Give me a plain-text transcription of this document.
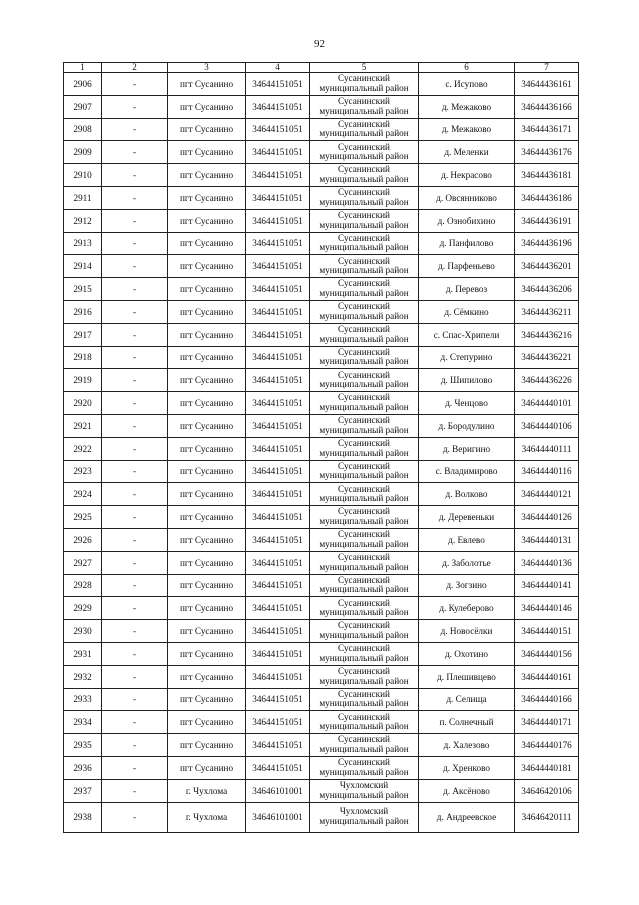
92
1	2	3	4	5	6	7
2906	-	пгт Сусанино	34644151051	Сусанинский
муниципальный район	с. Исупово	34644436161
2907	-	пгт Сусанино	34644151051	Сусанинский
муниципальный район	д. Межаково	34644436166
2908	-	пгт Сусанино	34644151051	Сусанинский
муниципальный район	д. Межаково	34644436171
2909	-	пгт Сусанино	34644151051	Сусанинский
муниципальный район	д. Меленки	34644436176
2910	-	пгт Сусанино	34644151051	Сусанинский
муниципальный район	д. Некрасово	34644436181
2911	-	пгт Сусанино	34644151051	Сусанинский
муниципальный район	д. Овсянниково	34644436186
2912	-	пгт Сусанино	34644151051	Сусанинский
муниципальный район	д. Ознобихино	34644436191
2913	-	пгт Сусанино	34644151051	Сусанинский
муниципальный район	д. Панфилово	34644436196
2914	-	пгт Сусанино	34644151051	Сусанинский
муниципальный район	д. Парфеньево	34644436201
2915	-	пгт Сусанино	34644151051	Сусанинский
муниципальный район	д. Перевоз	34644436206
2916	-	пгт Сусанино	34644151051	Сусанинский
муниципальный район	д. Сёмкино	34644436211
2917	-	пгт Сусанино	34644151051	Сусанинский
муниципальный район	с. Спас-Хрипели	34644436216
2918	-	пгт Сусанино	34644151051	Сусанинский
муниципальный район	д. Степурино	34644436221
2919	-	пгт Сусанино	34644151051	Сусанинский
муниципальный район	д. Шипилово	34644436226
2920	-	пгт Сусанино	34644151051	Сусанинский
муниципальный район	д. Ченцово	34644440101
2921	-	пгт Сусанино	34644151051	Сусанинский
муниципальный район	д. Бородулино	34644440106
2922	-	пгт Сусанино	34644151051	Сусанинский
муниципальный район	д. Веригино	34644440111
2923	-	пгт Сусанино	34644151051	Сусанинский
муниципальный район	с. Владимирово	34644440116
2924	-	пгт Сусанино	34644151051	Сусанинский
муниципальный район	д. Волково	34644440121
2925	-	пгт Сусанино	34644151051	Сусанинский
муниципальный район	д. Деревеньки	34644440126
2926	-	пгт Сусанино	34644151051	Сусанинский
муниципальный район	д. Евлево	34644440131
2927	-	пгт Сусанино	34644151051	Сусанинский
муниципальный район	д. Заболотье	34644440136
2928	-	пгт Сусанино	34644151051	Сусанинский
муниципальный район	д. Зогзино	34644440141
2929	-	пгт Сусанино	34644151051	Сусанинский
муниципальный район	д. Кулеберово	34644440146
2930	-	пгт Сусанино	34644151051	Сусанинский
муниципальный район	д. Новосёлки	34644440151
2931	-	пгт Сусанино	34644151051	Сусанинский
муниципальный район	д. Охотино	34644440156
2932	-	пгт Сусанино	34644151051	Сусанинский
муниципальный район	д. Плешивцево	34644440161
2933	-	пгт Сусанино	34644151051	Сусанинский
муниципальный район	д. Селища	34644440166
2934	-	пгт Сусанино	34644151051	Сусанинский
муниципальный район	п. Солнечный	34644440171
2935	-	пгт Сусанино	34644151051	Сусанинский
муниципальный район	д. Халезово	34644440176
2936	-	пгт Сусанино	34644151051	Сусанинский
муниципальный район	д. Хренково	34644440181
2937	-	г. Чухлома	34646101001	Чухломский
муниципальный район	д. Аксёново	34646420106
2938	-	г. Чухлома	34646101001	Чухломский
муниципальный район	д. Андреевское	34646420111
